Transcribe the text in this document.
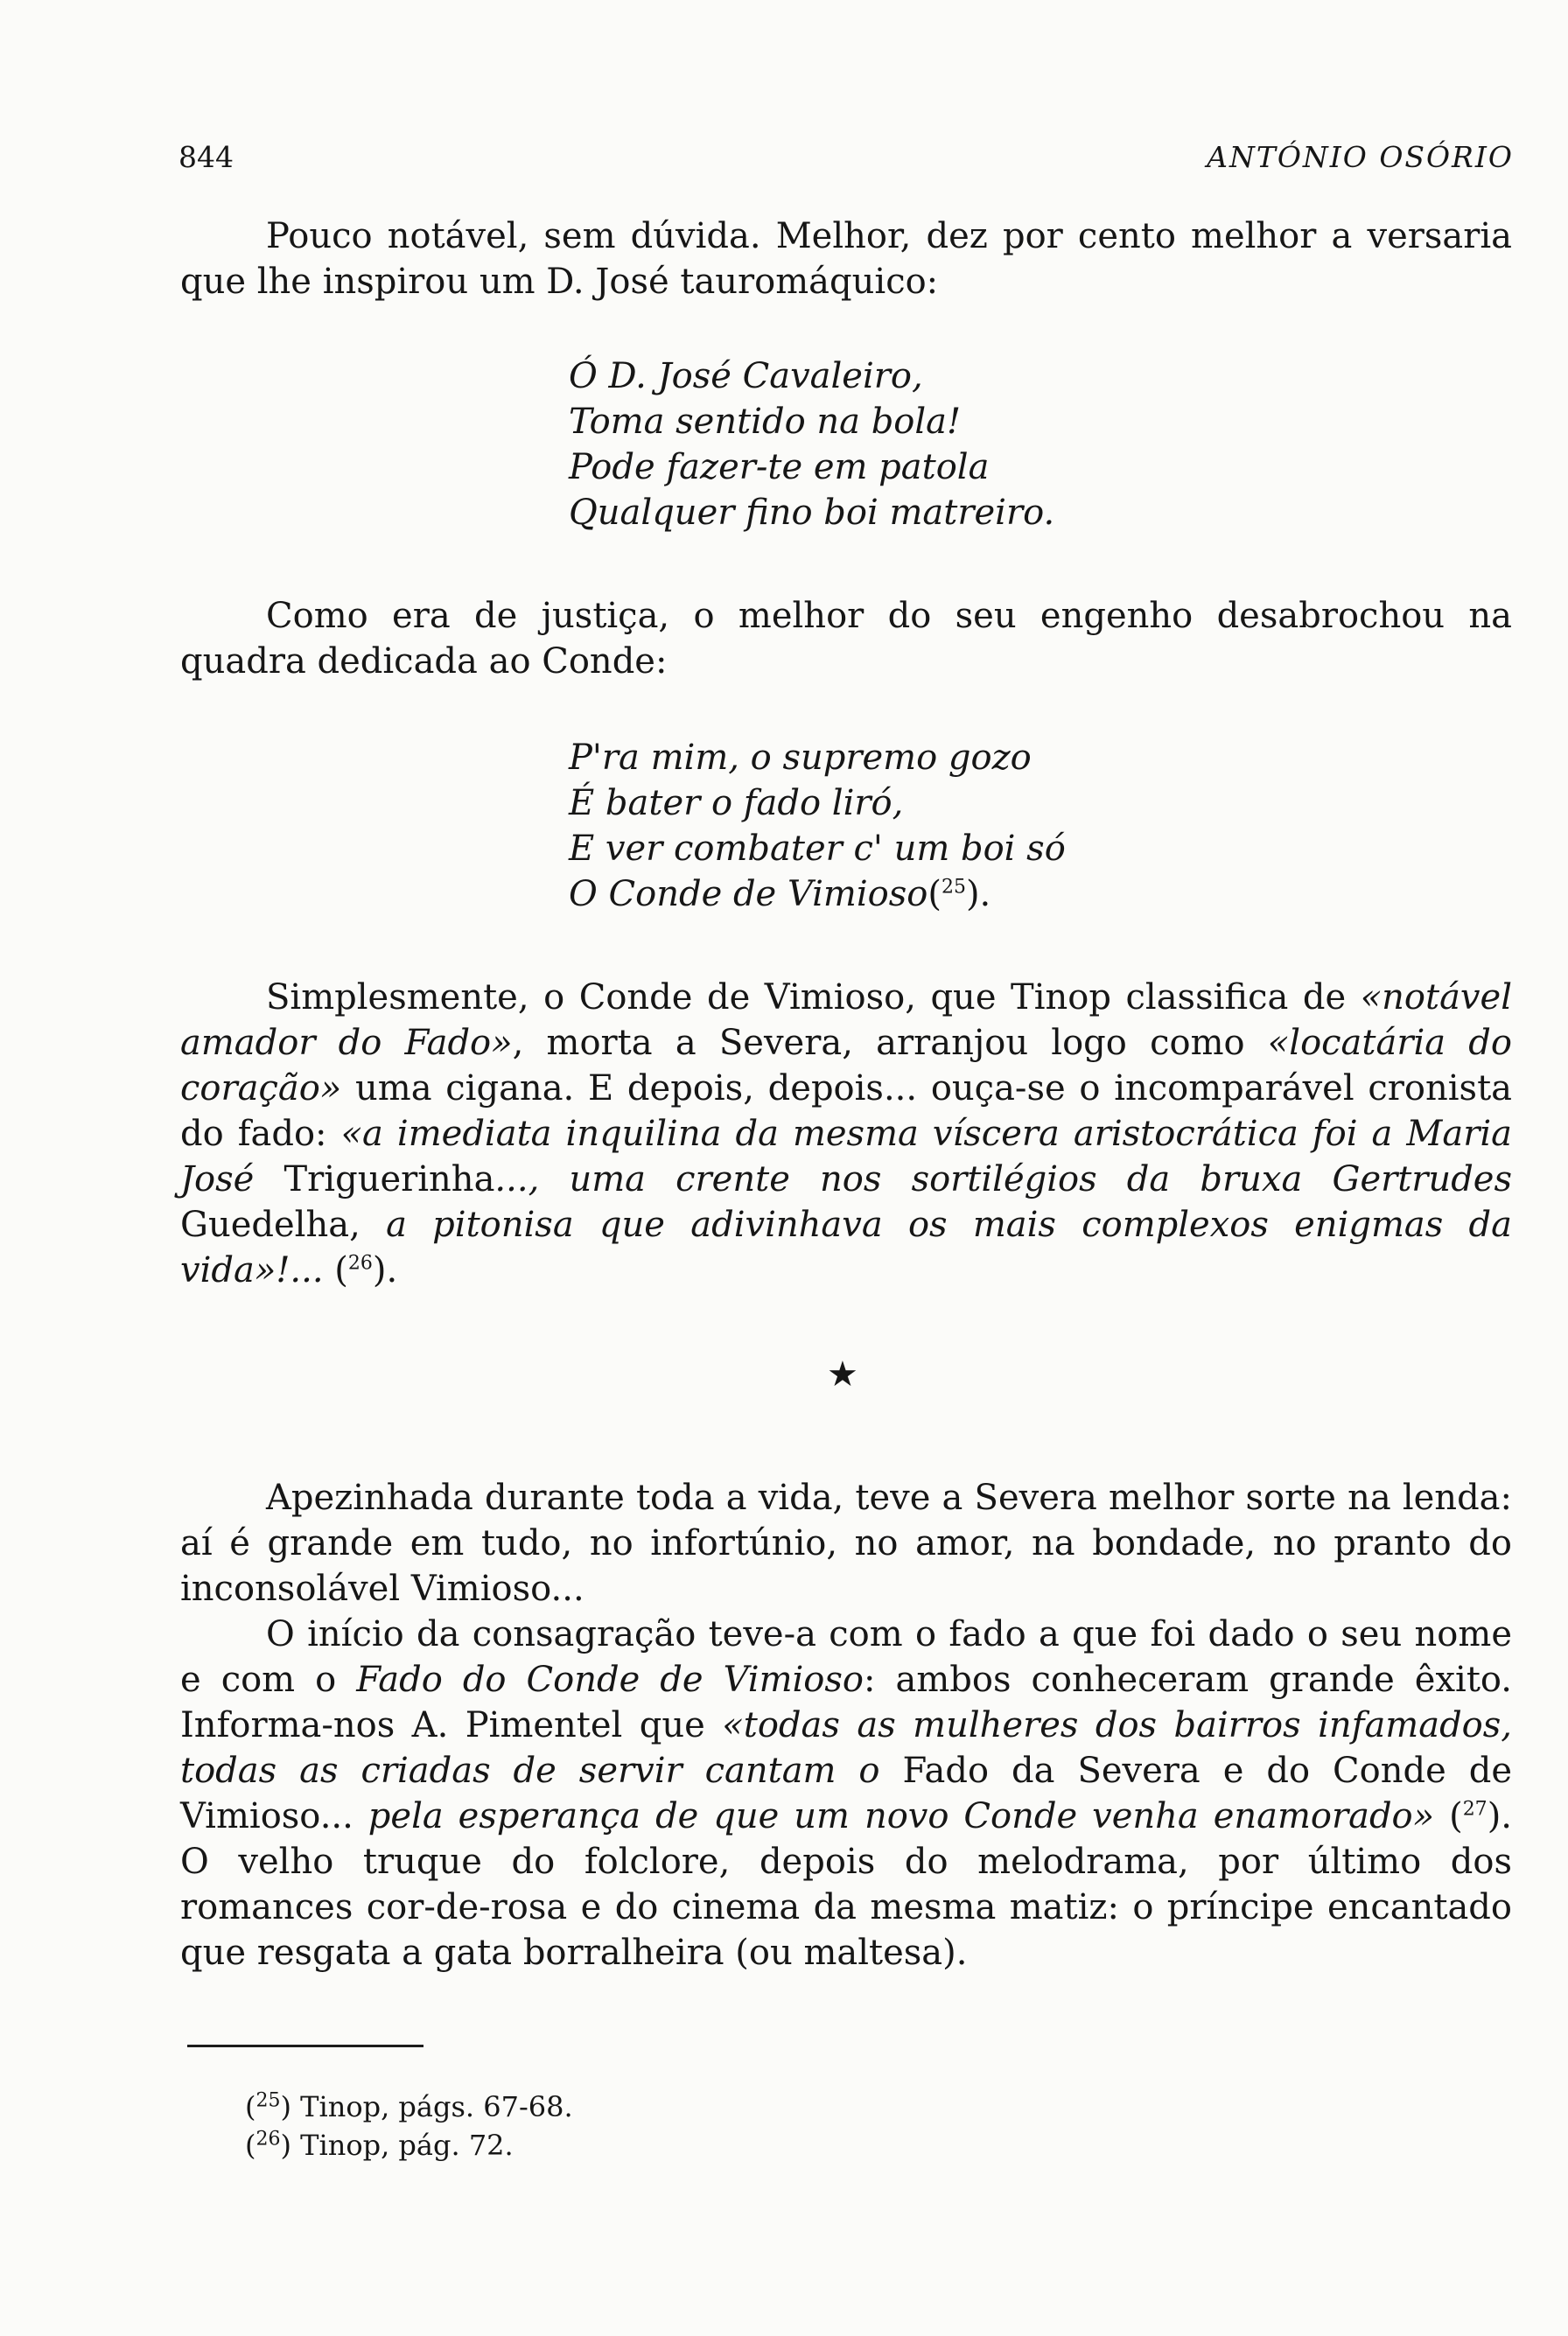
844	ANTÓNIO OSÓRIO
Pouco notável, sem dúvida. Melhor, dez por cento melhor a versaria que lhe inspirou um D. José tauromáquico:
Ó D. José Cavaleiro,
Toma sentido na bola!
Pode fazer-te em patola
Qualquer fino boi matreiro.
Como era de justiça, o melhor do seu engenho desabrochou na quadra dedicada ao Conde:
P'ra mim, o supremo gozo
É bater o fado liró,
E ver combater c' um boi só
O Conde de Vimioso($^{25}$).
Simplesmente, o Conde de Vimioso, que Tinop classifica de «notável amador do Fado», morta a Severa, arranjou logo como «locatária do coração» uma cigana. E depois, depois... ouça-se o incomparável cronista do fado: «a imediata inquilina da mesma víscera aristocrática foi a Maria José Triguerinha..., uma crente nos sortilégios da bruxa Gertrudes Guedelha, a pitonisa que adivinhava os mais complexos enigmas da vida»!... ($^{26}$).
★
Apezinhada durante toda a vida, teve a Severa melhor sorte na lenda: aí é grande em tudo, no infortúnio, no amor, na bondade, no pranto do inconsolável Vimioso...
O início da consagração teve-a com o fado a que foi dado o seu nome e com o Fado do Conde de Vimioso: ambos conheceram grande êxito. Informa-nos A. Pimentel que «todas as mulheres dos bairros infamados, todas as criadas de servir cantam o Fado da Severa e do Conde de Vimioso... pela esperança de que um novo Conde venha enamorado» ($^{27}$). O velho truque do folclore, depois do melodrama, por último dos romances cor-de-rosa e do cinema da mesma matiz: o príncipe encantado que resgata a gata borralheira (ou maltesa).
($^{25}$) Tinop, págs. 67-68.
($^{26}$) Tinop, pág. 72.
